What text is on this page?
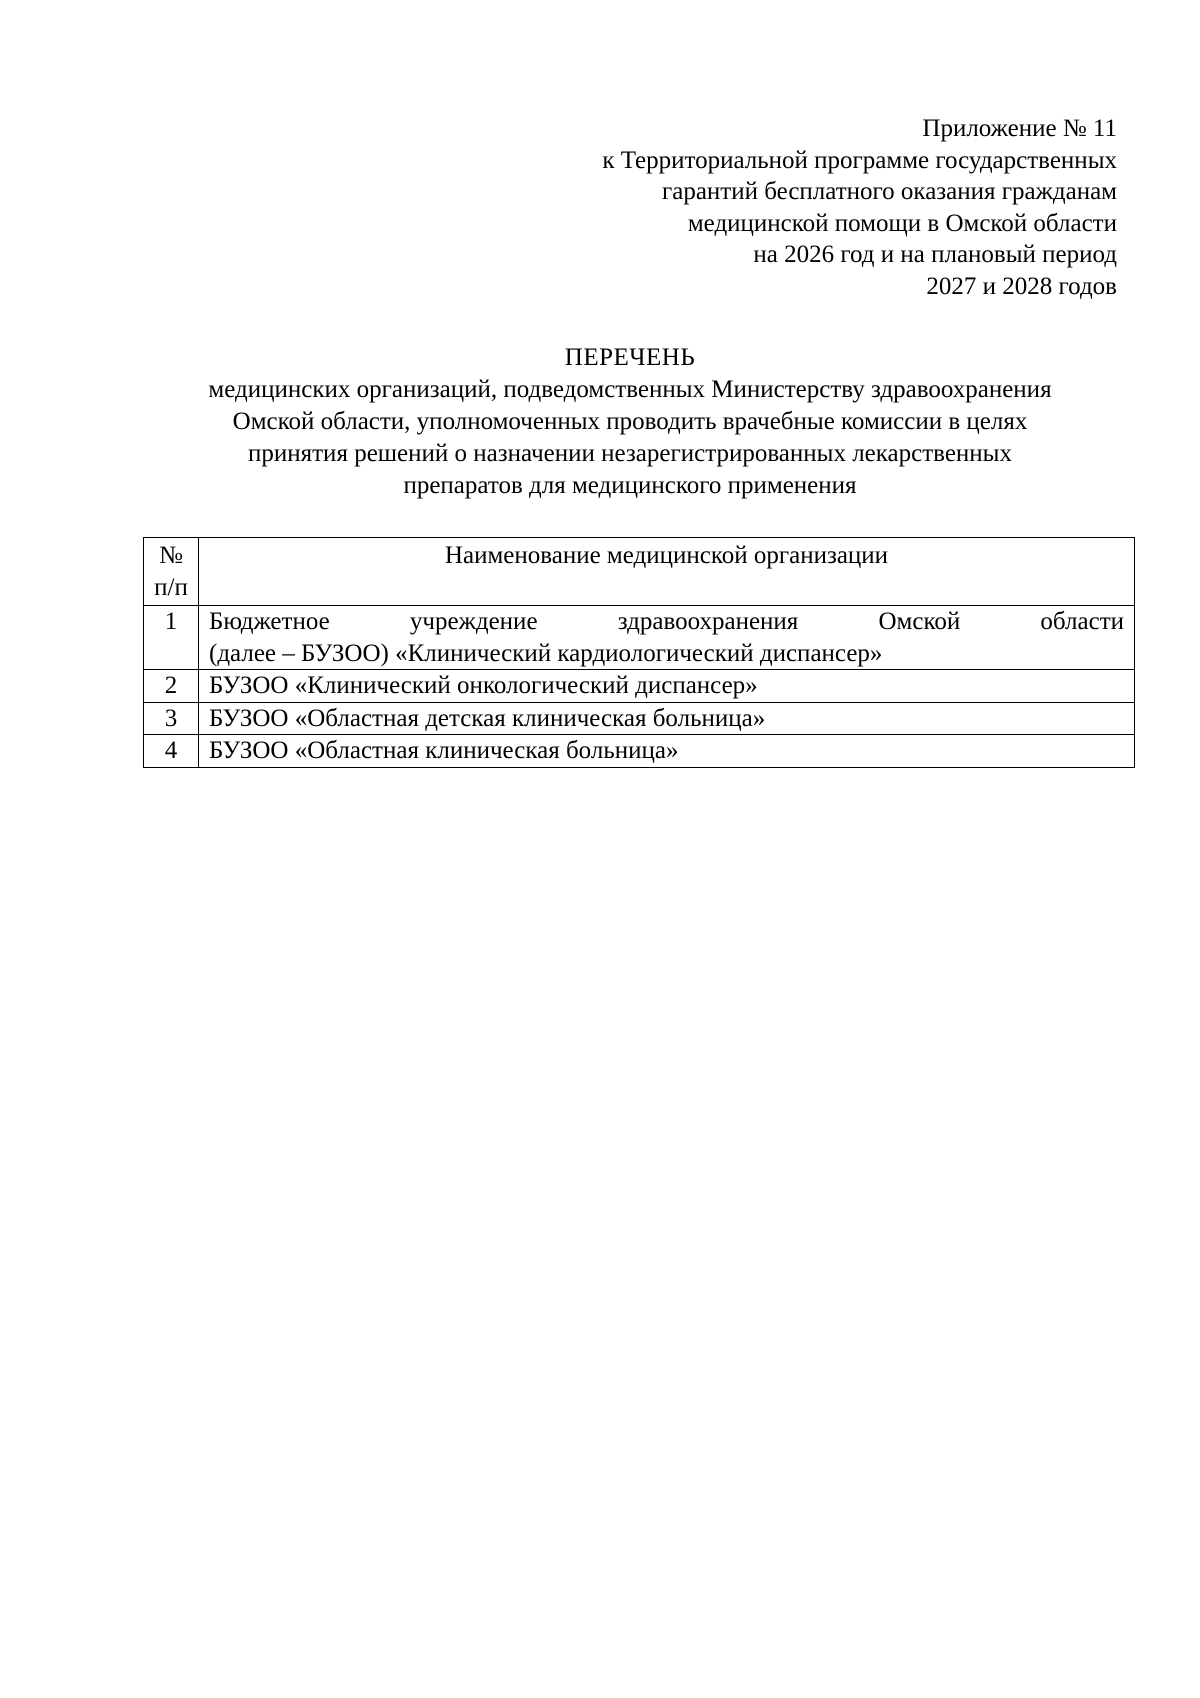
Приложение № 11
к Территориальной программе государственных
гарантий бесплатного оказания гражданам
медицинской помощи в Омской области
на 2026 год и на плановый период
2027 и 2028 годов
ПЕРЕЧЕНЬ
медицинских организаций, подведомственных Министерству здравоохранения
Омской области, уполномоченных проводить врачебные комиссии в целях
принятия решений о назначении незарегистрированных лекарственных
препаратов для медицинского применения
№
п/п	Наименование медицинской организации
1	Бюджетное учреждение здравоохранения Омской области
(далее – БУЗОО) «Клинический кардиологический диспансер»
2	БУЗОО «Клинический онкологический диспансер»
3	БУЗОО «Областная детская клиническая больница»
4	БУЗОО «Областная клиническая больница»
